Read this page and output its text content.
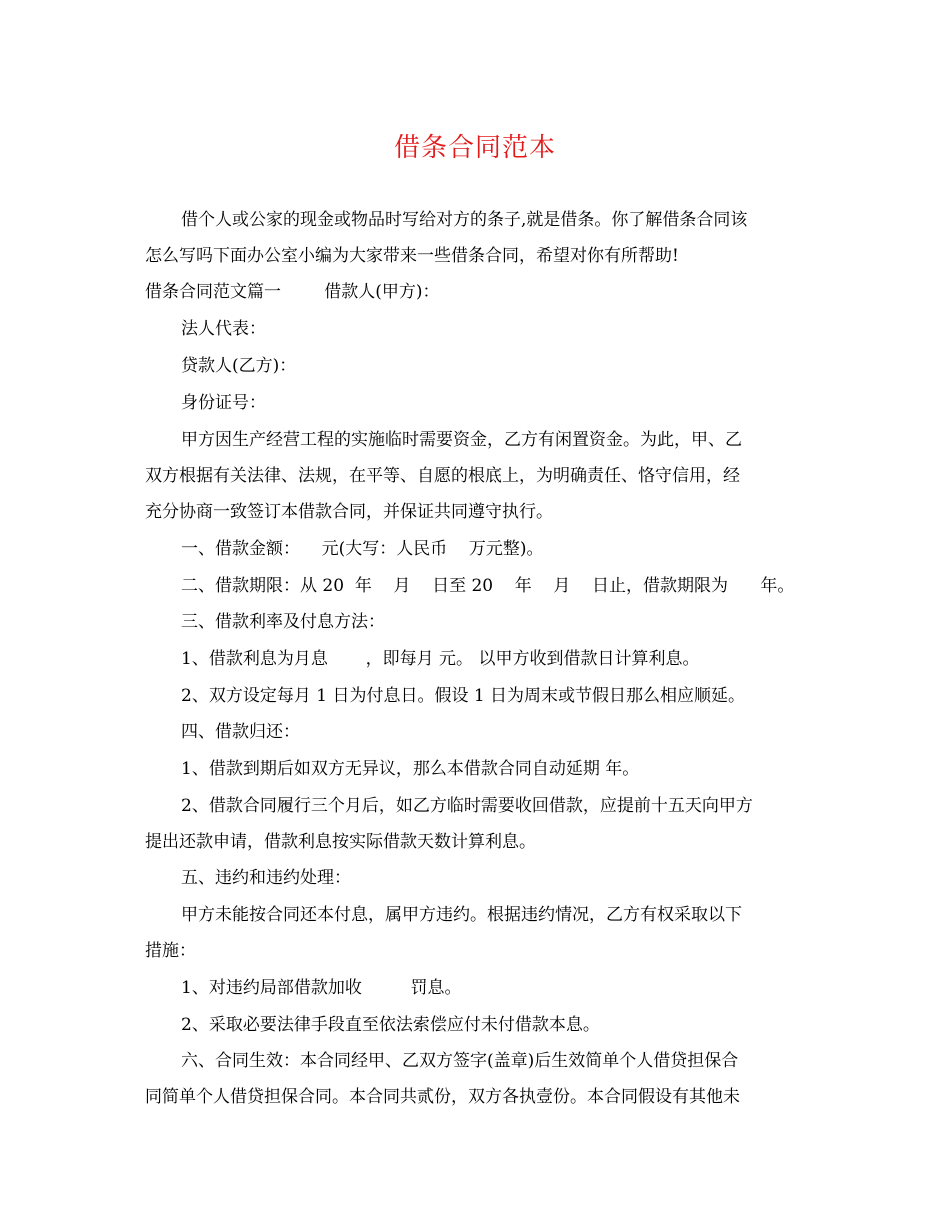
借条合同范本
借个人或公家的现金或物品时写给对方的条子,就是借条。你了解借条合同该
怎么写吗下面办公室小编为大家带来一些借条合同，希望对你有所帮助!
借条合同范文篇一        借款人(甲方)：
法人代表：
贷款人(乙方)：
身份证号：
甲方因生产经营工程的实施临时需要资金，乙方有闲置资金。为此，甲、乙
双方根据有关法律、法规，在平等、自愿的根底上，为明确责任、恪守信用，经
充分协商一致签订本借款合同，并保证共同遵守执行。
一、借款金额：    元(大写：人民币    万元整)。
二、借款期限：从 20  年    月    日至 20    年    月    日止，借款期限为      年。
三、借款利率及付息方法：
1、借款利息为月息       ，即每月 元。 以甲方收到借款日计算利息。
2、双方设定每月 1 日为付息日。假设 1 日为周末或节假日那么相应顺延。
四、借款归还：
1、借款到期后如双方无异议，那么本借款合同自动延期 年。
2、借款合同履行三个月后，如乙方临时需要收回借款，应提前十五天向甲方
提出还款申请，借款利息按实际借款天数计算利息。
五、违约和违约处理：
甲方未能按合同还本付息，属甲方违约。根据违约情况，乙方有权采取以下
措施：
1、对违约局部借款加收         罚息。
2、采取必要法律手段直至依法索偿应付未付借款本息。
六、合同生效：本合同经甲、乙双方签字(盖章)后生效简单个人借贷担保合
同简单个人借贷担保合同。本合同共贰份，双方各执壹份。本合同假设有其他未
